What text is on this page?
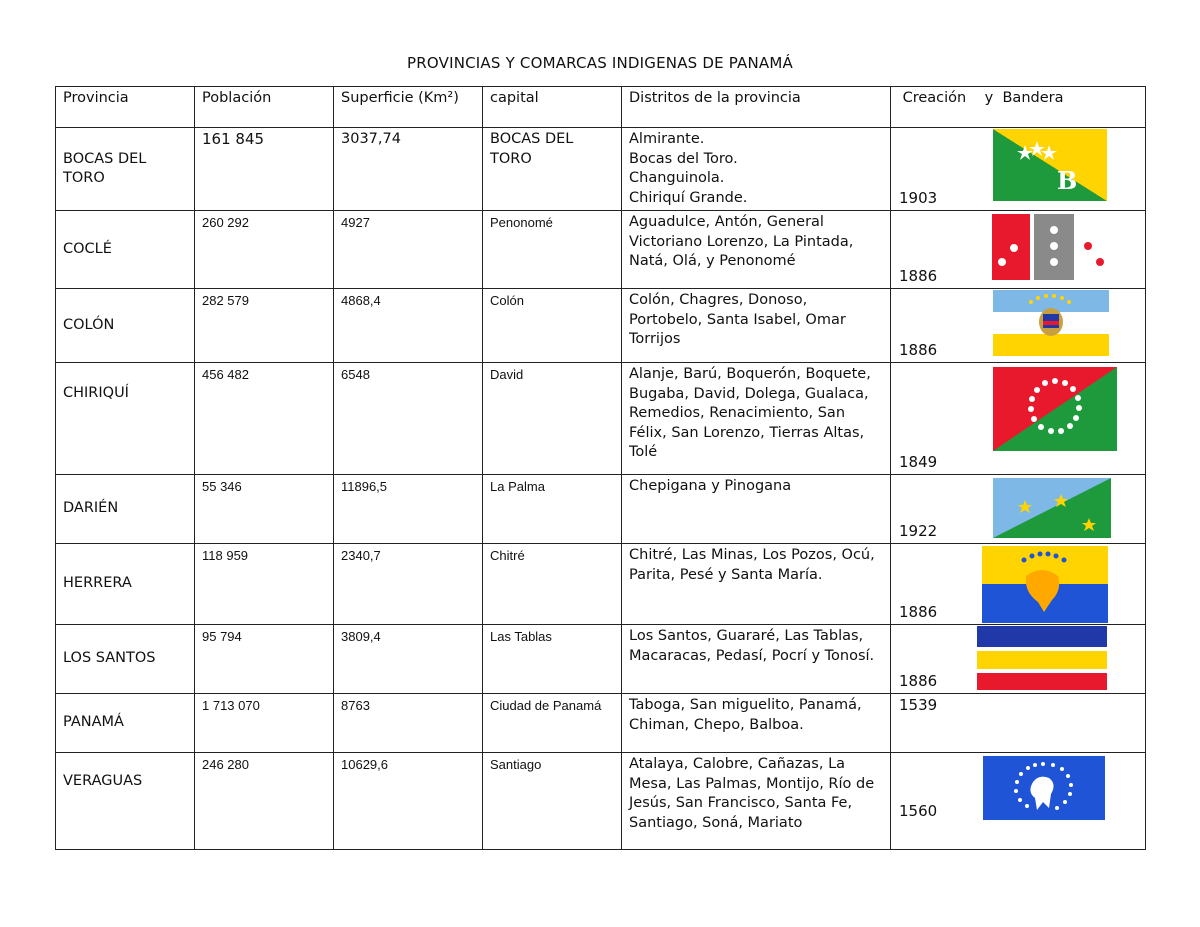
PROVINCIAS Y COMARCAS INDIGENAS DE PANAMÁ
Provincia	Población	Superficie (Km²)	capital	Distritos de la provincia	Creación    y  Bandera
BOCAS DEL TORO	161 845	3037,74	BOCAS DEL TORO	Almirante.
Bocas del Toro.
Changuinola.
Chiriquí Grande.	1903
B

COCLÉ	260 292	4927	Penonomé	Aguadulce, Antón, General Victoriano Lorenzo, La Pintada, Natá, Olá, y Penonomé	1886

COLÓN	282 579	4868,4	Colón	Colón, Chagres, Donoso, Portobelo, Santa Isabel, Omar Torrijos	1886

CHIRIQUÍ	456 482	6548	David	Alanje, Barú, Boquerón, Boquete, Bugaba, David, Dolega, Gualaca, Remedios, Renacimiento, San Félix, San Lorenzo, Tierras Altas, Tolé	1849

DARIÉN	55 346	11896,5	La Palma	Chepigana y Pinogana	1922

HERRERA	118 959	2340,7	Chitré	Chitré, Las Minas, Los Pozos, Ocú, Parita, Pesé y Santa María.	1886

LOS SANTOS	95 794	3809,4	Las Tablas	Los Santos, Guararé, Las Tablas, Macaracas, Pedasí, Pocrí y Tonosí.	1886

PANAMÁ	1 713 070	8763	Ciudad de Panamá	Taboga, San miguelito, Panamá, Chiman, Chepo, Balboa.	1539

VERAGUAS	246 280	10629,6	Santiago	Atalaya, Calobre, Cañazas, La Mesa, Las Palmas, Montijo, Río de Jesús, San Francisco, Santa Fe, Santiago, Soná, Mariato	1560
